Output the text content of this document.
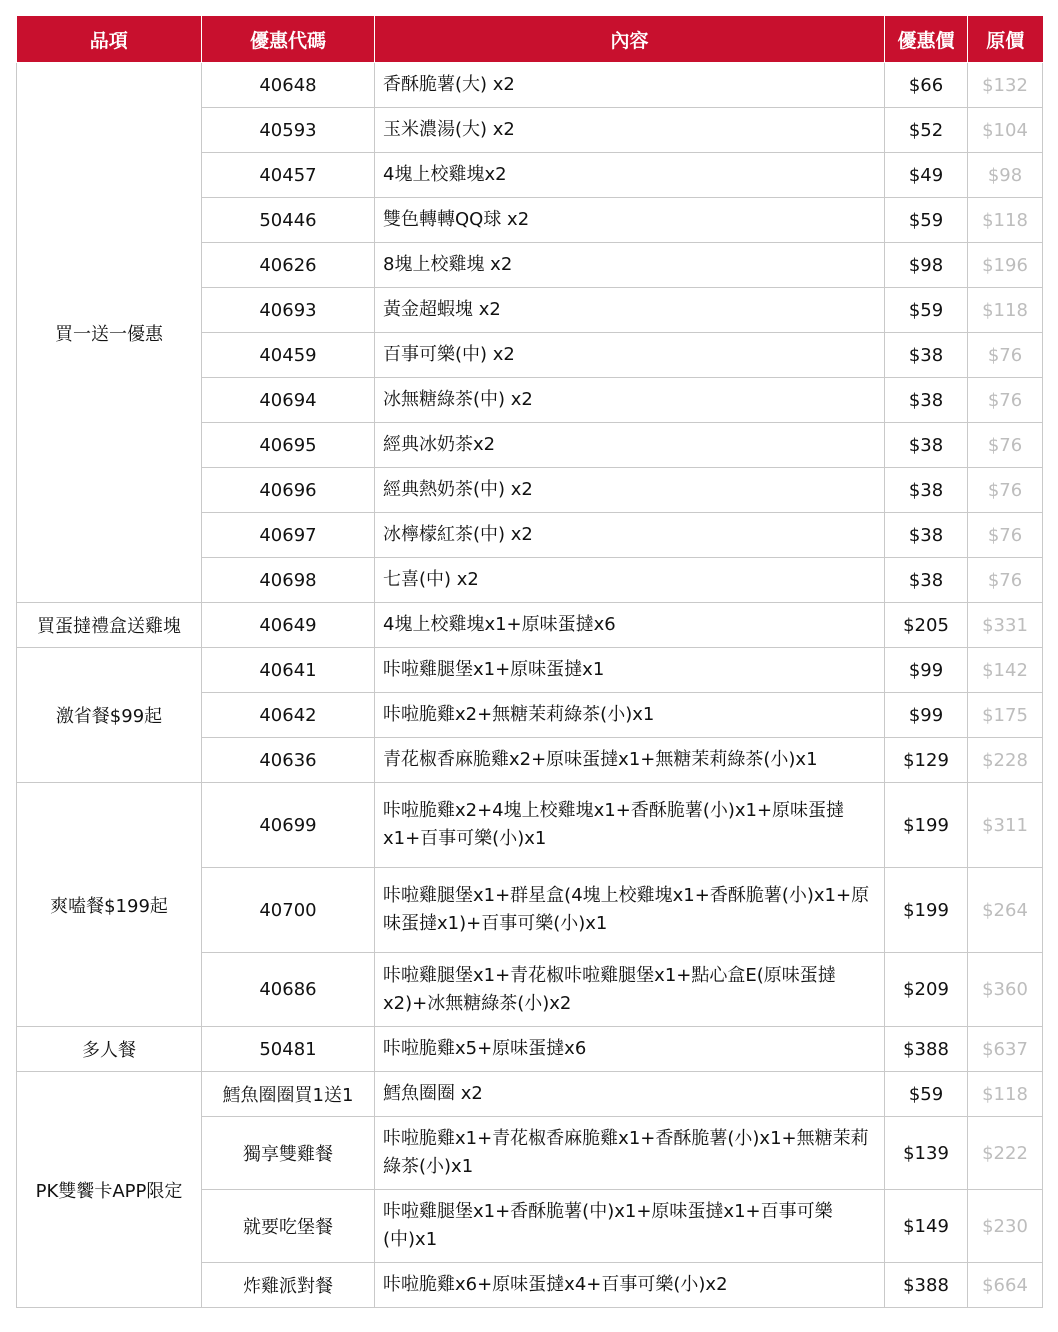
品項	優惠代碼	內容	優惠價	原價
買一送一優惠	40648	香酥脆薯(大) x2	$66	$132
	40593	玉米濃湯(大) x2	$52	$104
	40457	4塊上校雞塊x2	$49	$98
	50446	雙色轉轉QQ球 x2	$59	$118
	40626	8塊上校雞塊 x2	$98	$196
	40693	黃金超蝦塊 x2	$59	$118
	40459	百事可樂(中) x2	$38	$76
	40694	冰無糖綠茶(中) x2	$38	$76
	40695	經典冰奶茶x2	$38	$76
	40696	經典熱奶茶(中) x2	$38	$76
	40697	冰檸檬紅茶(中) x2	$38	$76
	40698	七喜(中) x2	$38	$76
買蛋撻禮盒送雞塊	40649	4塊上校雞塊x1+原味蛋撻x6	$205	$331
激省餐$99起	40641	咔啦雞腿堡x1+原味蛋撻x1	$99	$142
	40642	咔啦脆雞x2+無糖茉莉綠茶(小)x1	$99	$175
	40636	青花椒香麻脆雞x2+原味蛋撻x1+無糖茉莉綠茶(小)x1	$129	$228
爽嗑餐$199起	40699	咔啦脆雞x2+4塊上校雞塊x1+香酥脆薯(小)x1+原味蛋撻x1+百事可樂(小)x1	$199	$311
	40700	咔啦雞腿堡x1+群星盒(4塊上校雞塊x1+香酥脆薯(小)x1+原味蛋撻x1)+百事可樂(小)x1	$199	$264
	40686	咔啦雞腿堡x1+青花椒咔啦雞腿堡x1+點心盒E(原味蛋撻x2)+冰無糖綠茶(小)x2	$209	$360
多人餐	50481	咔啦脆雞x5+原味蛋撻x6	$388	$637
PK雙饗卡APP限定	鱈魚圈圈買1送1	鱈魚圈圈 x2	$59	$118
	獨享雙雞餐	咔啦脆雞x1+青花椒香麻脆雞x1+香酥脆薯(小)x1+無糖茉莉綠茶(小)x1	$139	$222
	就要吃堡餐	咔啦雞腿堡x1+香酥脆薯(中)x1+原味蛋撻x1+百事可樂(中)x1	$149	$230
	炸雞派對餐	咔啦脆雞x6+原味蛋撻x4+百事可樂(小)x2	$388	$664
